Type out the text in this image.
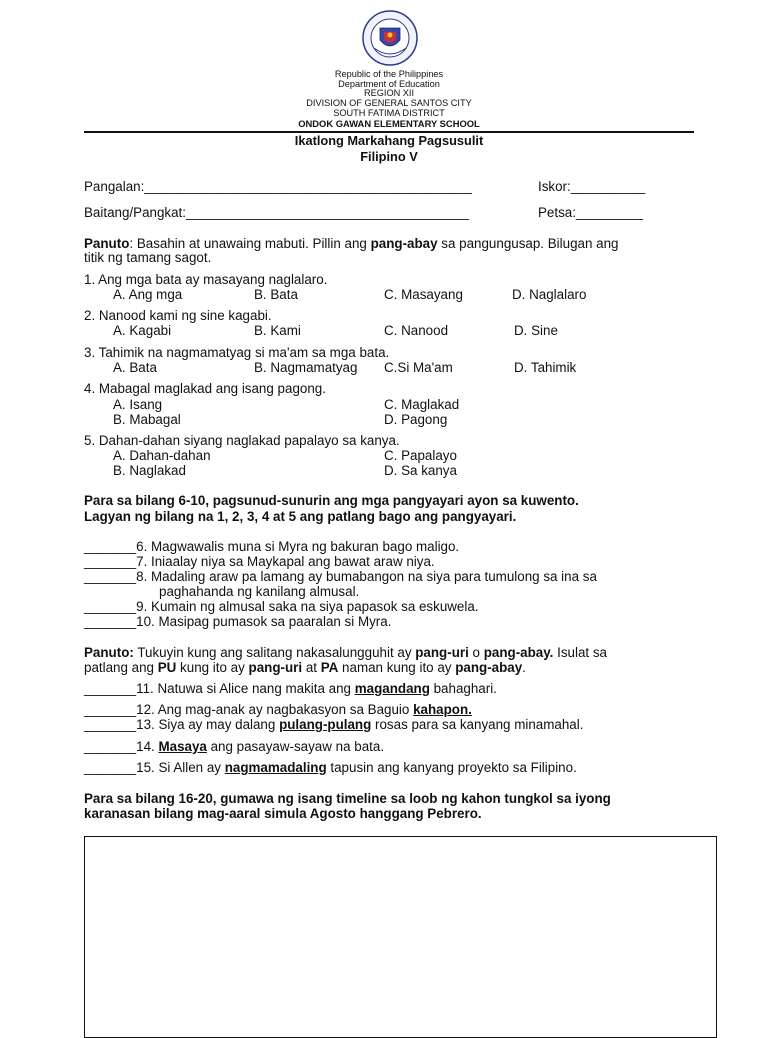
Republic of the Philippines
Department of Education
REGION XII
DIVISION OF GENERAL SANTOS CITY
SOUTH FATIMA DISTRICT
ONDOK GAWAN ELEMENTARY SCHOOL
Ikatlong Markahang Pagsusulit
Filipino V
Pangalan:____________________________________________	Iskor:__________
Baitang/Pangkat:______________________________________	Petsa:_________
Panuto: Basahin at unawaing mabuti. Pillin ang pang-abay sa pangungusap. Bilugan ang
titik ng tamang sagot.
1. Ang mga bata ay masayang naglalaro.
A. Ang mga	B. Bata	C. Masayang	D. Naglalaro
2. Nanood kami ng sine kagabi.
A. Kagabi	B. Kami	C. Nanood	D. Sine
3. Tahimik na nagmamatyag si ma'am sa mga bata.
A. Bata	B. Nagmamatyag C.Si Ma'am	D. Tahimik
4. Mabagal maglakad ang isang pagong.
A. Isang	C. Maglakad
B. Mabagal	D. Pagong
5. Dahan-dahan siyang naglakad papalayo sa kanya.
A. Dahan-dahan	C. Papalayo
B. Naglakad	D. Sa kanya
Para sa bilang 6-10, pagsunud-sunurin ang mga pangyayari ayon sa kuwento.
Lagyan ng bilang na 1, 2, 3, 4 at 5 ang patlang bago ang pangyayari.
_______6. Magwawalis muna si Myra ng bakuran bago maligo.
_______7. Iniaalay niya sa Maykapal ang bawat araw niya.
_______8. Madaling araw pa lamang ay bumabangon na siya para tumulong sa ina sa
paghahanda ng kanilang almusal.
_______9. Kumain ng almusal saka na siya papasok sa eskuwela.
_______10. Masipag pumasok sa paaralan si Myra.
Panuto: Tukuyin kung ang salitang nakasalungguhit ay pang-uri o pang-abay. Isulat sa
patlang ang PU kung ito ay pang-uri at PA naman kung ito ay pang-abay.
_______11. Natuwa si Alice nang makita ang magandang bahaghari.
_______12. Ang mag-anak ay nagbakasyon sa Baguio kahapon.
_______13. Siya ay may dalang pulang-pulang rosas para sa kanyang minamahal.
_______14. Masaya ang pasayaw-sayaw na bata.
_______15. Si Allen ay nagmamadaling tapusin ang kanyang proyekto sa Filipino.
Para sa bilang 16-20, gumawa ng isang timeline sa loob ng kahon tungkol sa iyong
karanasan bilang mag-aaral simula Agosto hanggang Pebrero.
